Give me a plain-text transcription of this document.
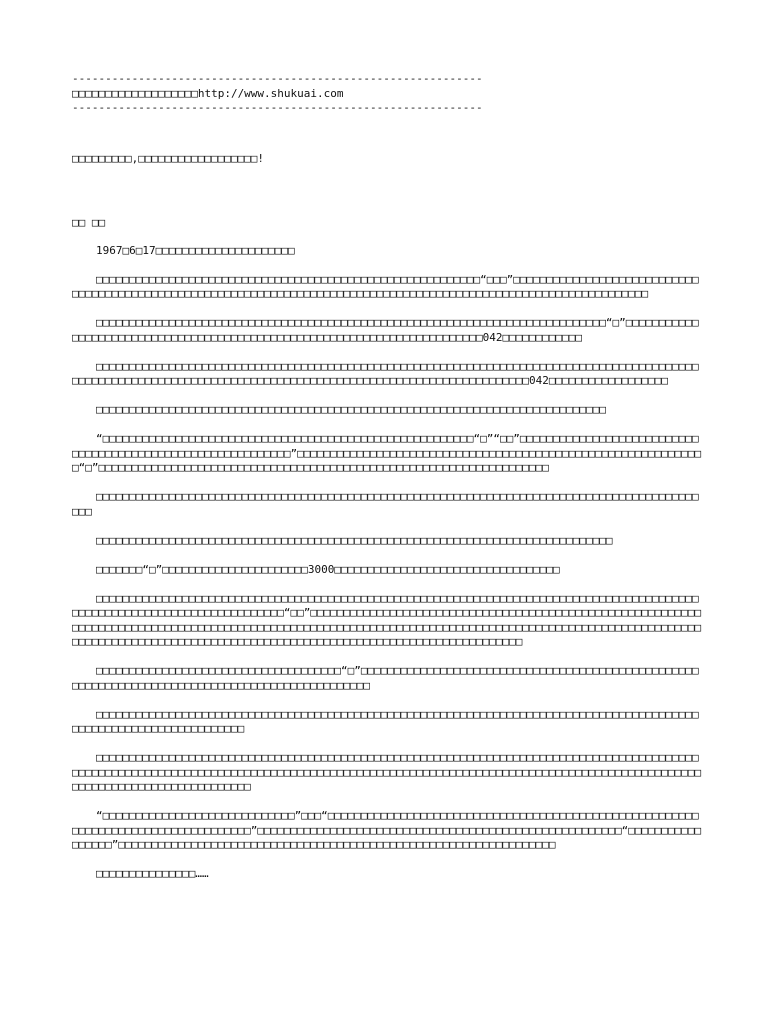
--------------------------------------------------------------
□□□□□□□□□□□□□□□□□□□http://www.shukuai.com
--------------------------------------------------------------
□□□□□□□□□,□□□□□□□□□□□□□□□□□□!
□□ □□

1967□6□17□□□□□□□□□□□□□□□□□□□□□

□□□□□□□□□□□□□□□□□□□□□□□□□□□□□□□□□□□□□□□□□□□□□□□□□□□□□□□□□□“□□□”□□□□□□□□□□□□□□□□□□□□□□□□□□□□□□□□□□□□□□□□□□□□□□□□□□□□□□□□□□□□□□□□□□□□□□□□□□□□□□□□□□□□□□□□□□□□□□□□□□□□□□□□□□□□□□□□□□□

□□□□□□□□□□□□□□□□□□□□□□□□□□□□□□□□□□□□□□□□□□□□□□□□□□□□□□□□□□□□□□□□□□□□□□□□□□□□□“□”□□□□□□□□□□□□□□□□□□□□□□□□□□□□□□□□□□□□□□□□□□□□□□□□□□□□□□□□□□□□□□□□□□□□□□□□□042□□□□□□□□□□□□

□□□□□□□□□□□□□□□□□□□□□□□□□□□□□□□□□□□□□□□□□□□□□□□□□□□□□□□□□□□□□□□□□□□□□□□□□□□□□□□□□□□□□□□□□□□□□□□□□□□□□□□□□□□□□□□□□□□□□□□□□□□□□□□□□□□□□□□□□□□□□□□□□□□□□□□□□□□□□□□□042□□□□□□□□□□□□□□□□□□

□□□□□□□□□□□□□□□□□□□□□□□□□□□□□□□□□□□□□□□□□□□□□□□□□□□□□□□□□□□□□□□□□□□□□□□□□□□□□

“□□□□□□□□□□□□□□□□□□□□□□□□□□□□□□□□□□□□□□□□□□□□□□□□□□□□□□□□“□”“□□”□□□□□□□□□□□□□□□□□□□□□□□□□□□□□□□□□□□□□□□□□□□□□□□□□□□□□□□□□□□□”□□□□□□□□□□□□□□□□□□□□□□□□□□□□□□□□□□□□□□□□□□□□□□□□□□□□□□□□□□□□□□“□”□□□□□□□□□□□□□□□□□□□□□□□□□□□□□□□□□□□□□□□□□□□□□□□□□□□□□□□□□□□□□□□□□□□□

□□□□□□□□□□□□□□□□□□□□□□□□□□□□□□□□□□□□□□□□□□□□□□□□□□□□□□□□□□□□□□□□□□□□□□□□□□□□□□□□□□□□□□□□□□□□□□

□□□□□□□□□□□□□□□□□□□□□□□□□□□□□□□□□□□□□□□□□□□□□□□□□□□□□□□□□□□□□□□□□□□□□□□□□□□□□□

□□□□□□□“□”□□□□□□□□□□□□□□□□□□□□□□3000□□□□□□□□□□□□□□□□□□□□□□□□□□□□□□□□□□

□□□□□□□□□□□□□□□□□□□□□□□□□□□□□□□□□□□□□□□□□□□□□□□□□□□□□□□□□□□□□□□□□□□□□□□□□□□□□□□□□□□□□□□□□□□□□□□□□□□□□□□□□□□□□□□□□□□□□□□□□□□“□□”□□□□□□□□□□□□□□□□□□□□□□□□□□□□□□□□□□□□□□□□□□□□□□□□□□□□□□□□□□□□□□□□□□□□□□□□□□□□□□□□□□□□□□□□□□□□□□□□□□□□□□□□□□□□□□□□□□□□□□□□□□□□□□□□□□□□□□□□□□□□□□□□□□□□□□□□□□□□□□□□□□□□□□□□□□□□□□□□□□□□□□□□□□□□□□□□□□□□□□□□□□□□□□□□□□□□□□□□□□□□□□

□□□□□□□□□□□□□□□□□□□□□□□□□□□□□□□□□□□□□“□”□□□□□□□□□□□□□□□□□□□□□□□□□□□□□□□□□□□□□□□□□□□□□□□□□□□□□□□□□□□□□□□□□□□□□□□□□□□□□□□□□□□□□□□□□□□□□□□□

□□□□□□□□□□□□□□□□□□□□□□□□□□□□□□□□□□□□□□□□□□□□□□□□□□□□□□□□□□□□□□□□□□□□□□□□□□□□□□□□□□□□□□□□□□□□□□□□□□□□□□□□□□□□□□□□□□□□□

□□□□□□□□□□□□□□□□□□□□□□□□□□□□□□□□□□□□□□□□□□□□□□□□□□□□□□□□□□□□□□□□□□□□□□□□□□□□□□□□□□□□□□□□□□□□□□□□□□□□□□□□□□□□□□□□□□□□□□□□□□□□□□□□□□□□□□□□□□□□□□□□□□□□□□□□□□□□□□□□□□□□□□□□□□□□□□□□□□□□□□□□□□□□□□□□□□□□□□□□□□□□□□□□□□□□□

“□□□□□□□□□□□□□□□□□□□□□□□□□□□□□”□□□“□□□□□□□□□□□□□□□□□□□□□□□□□□□□□□□□□□□□□□□□□□□□□□□□□□□□□□□□□□□□□□□□□□□□□□□□□□□□□□□□□□□”□□□□□□□□□□□□□□□□□□□□□□□□□□□□□□□□□□□□□□□□□□□□□□□□□□□□□□□“□□□□□□□□□□□□□□□□□”□□□□□□□□□□□□□□□□□□□□□□□□□□□□□□□□□□□□□□□□□□□□□□□□□□□□□□□□□□□□□□□□□□

□□□□□□□□□□□□□□□……
